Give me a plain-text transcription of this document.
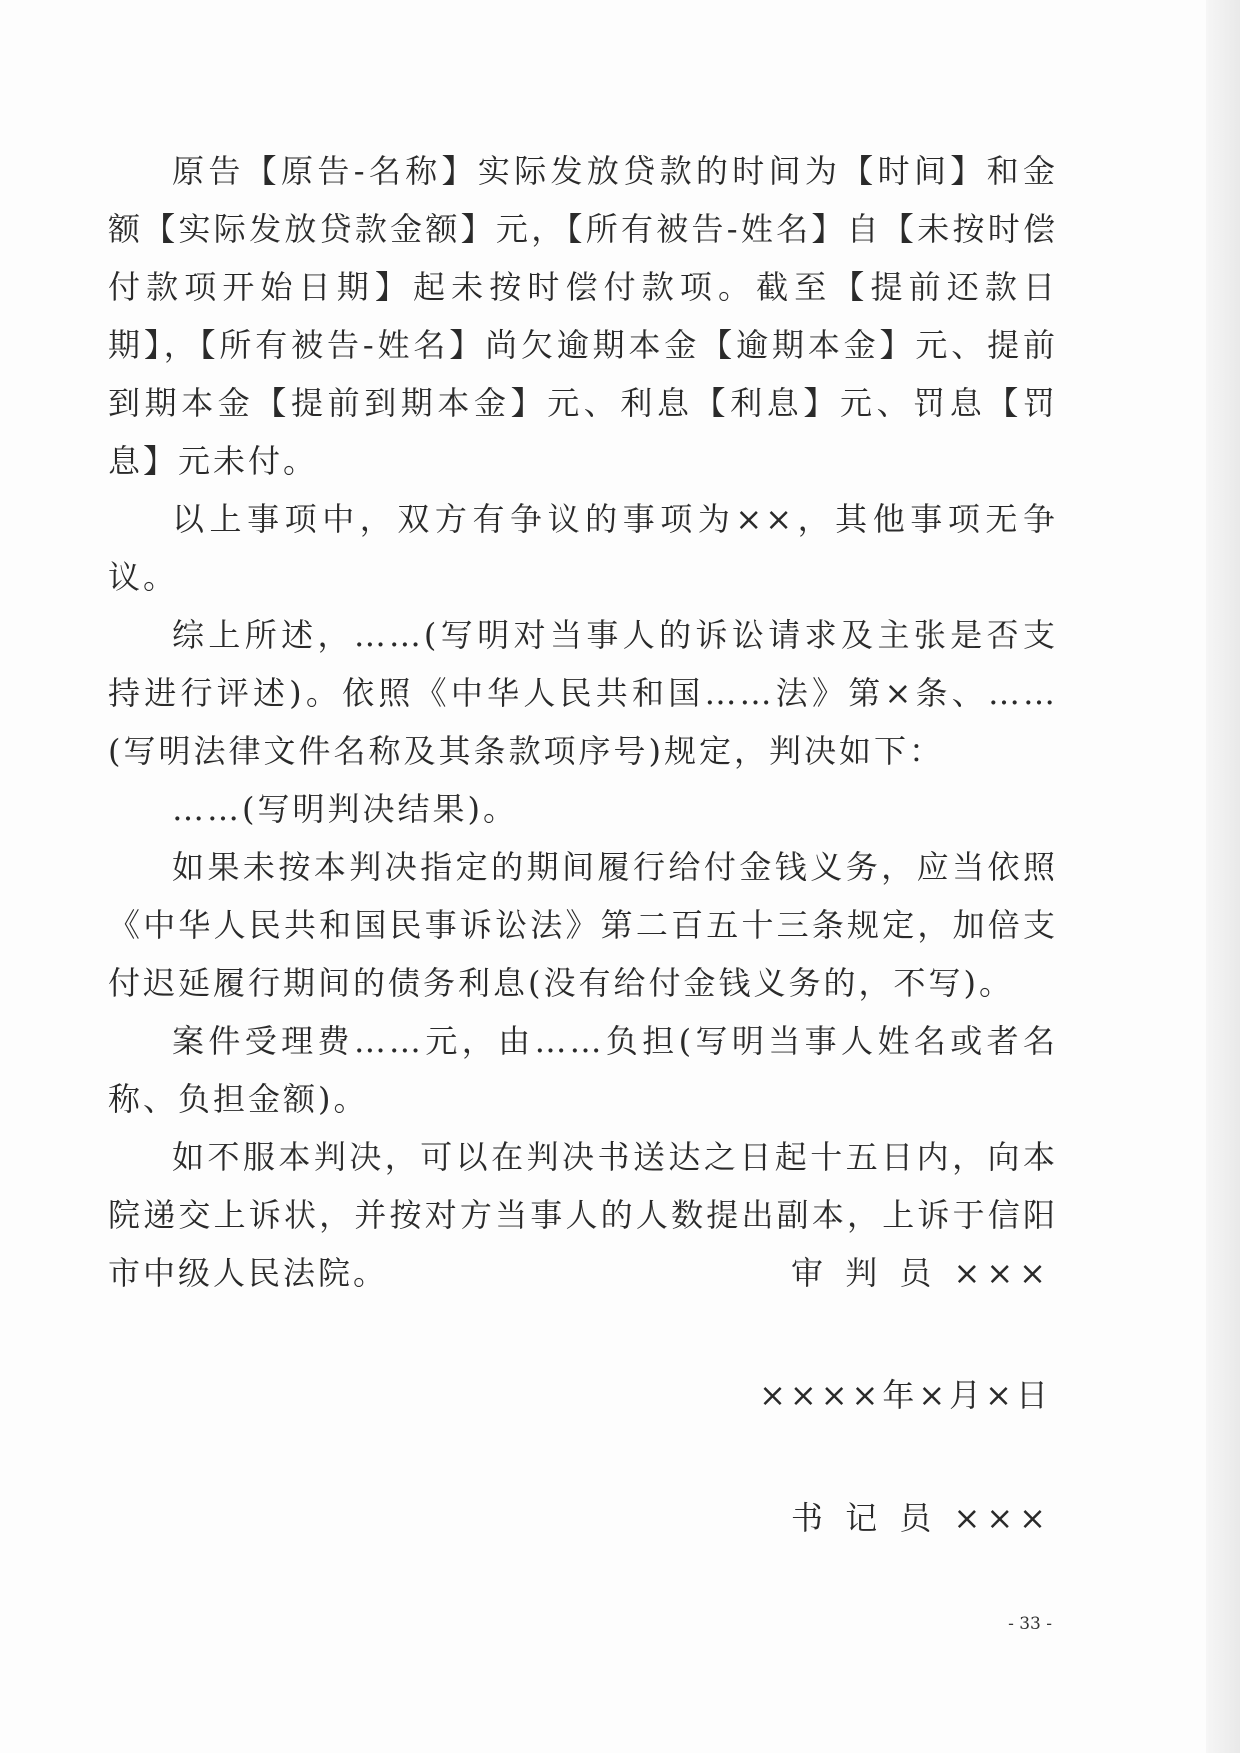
原告【原告-名称】实际发放贷款的时间为【时间】和金额【实际发放贷款金额】元，【所有被告-姓名】自【未按时偿付款项开始日期】起未按时偿付款项。截至【提前还款日期】，【所有被告-姓名】尚欠逾期本金【逾期本金】元、提前到期本金【提前到期本金】元、利息【利息】元、罚息【罚息】元未付。

以上事项中，双方有争议的事项为××，其他事项无争议。

综上所述，……(写明对当事人的诉讼请求及主张是否支持进行评述)。依照《中华人民共和国……法》第×条、……(写明法律文件名称及其条款项序号)规定，判决如下：

……(写明判决结果)。

如果未按本判决指定的期间履行给付金钱义务，应当依照《中华人民共和国民事诉讼法》第二百五十三条规定，加倍支付迟延履行期间的债务利息(没有给付金钱义务的，不写)。

案件受理费……元，由……负担(写明当事人姓名或者名称、负担金额)。

如不服本判决，可以在判决书送达之日起十五日内，向本院递交上诉状，并按对方当事人的人数提出副本，上诉于信阳市中级人民法院。	审 判 员 ×××
××××年×月×日
书 记 员 ×××
- 33 -
